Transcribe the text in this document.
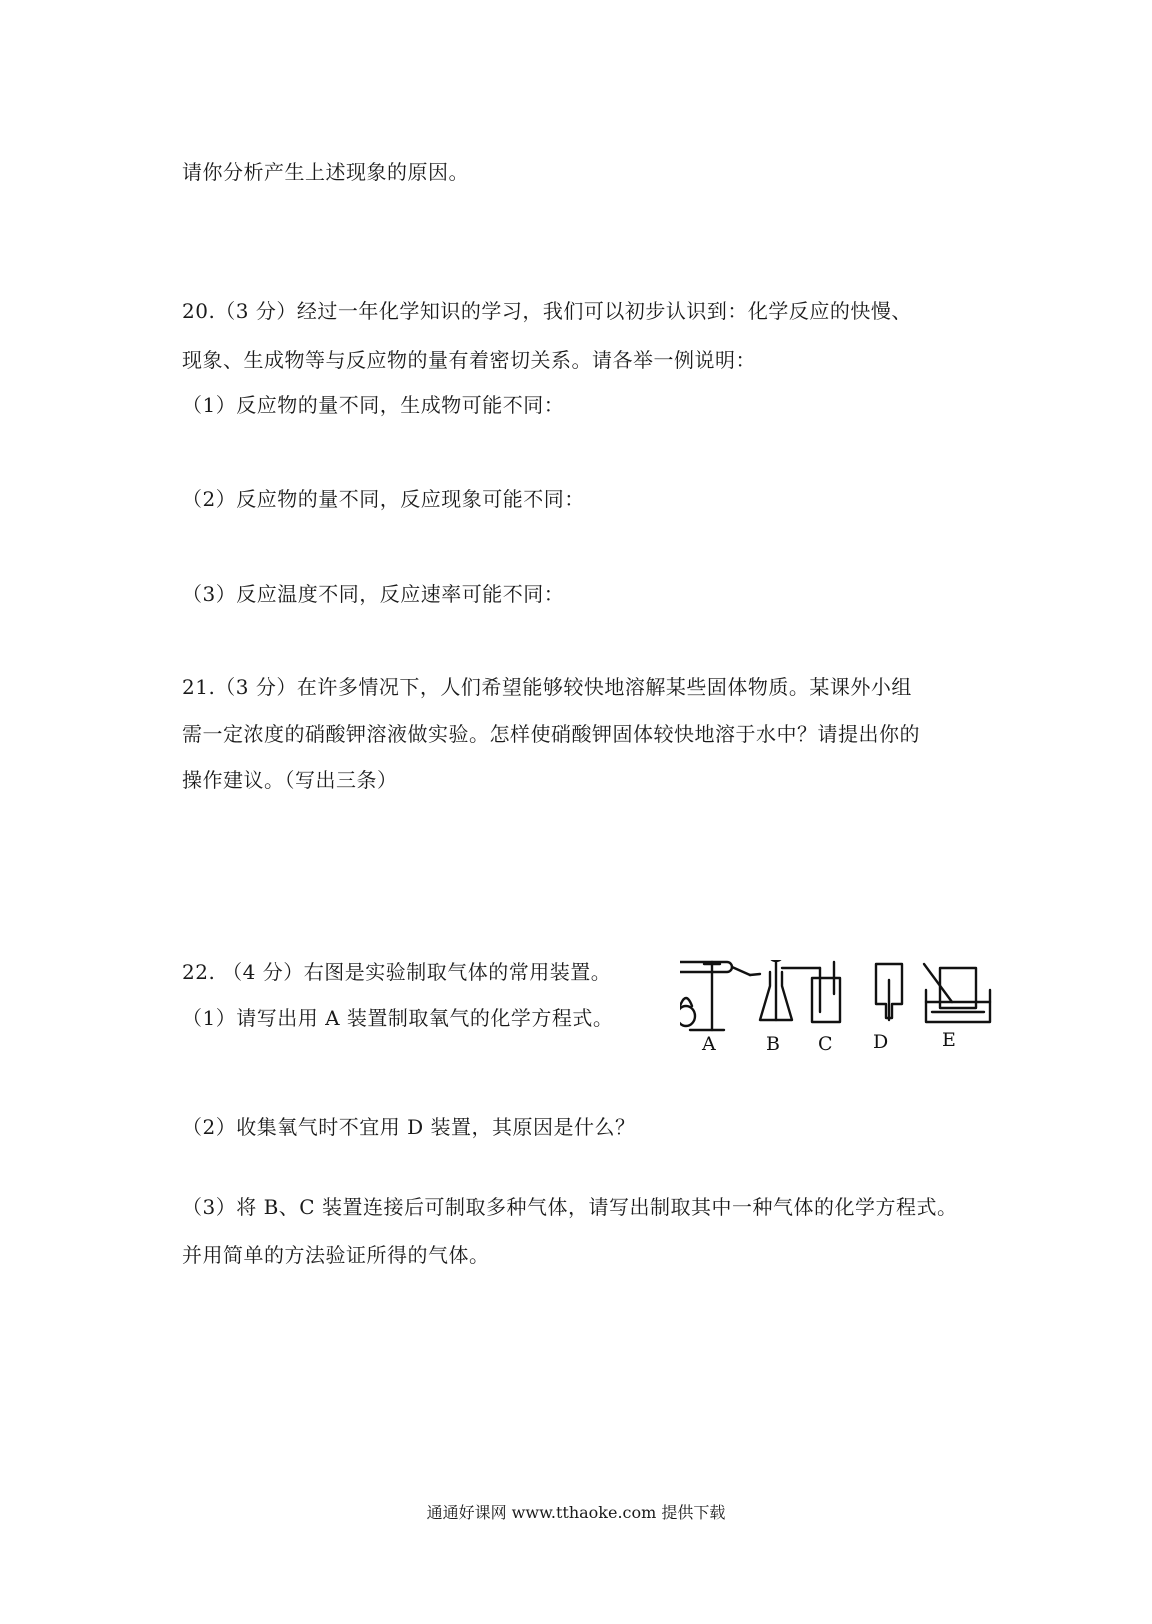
请你分析产生上述现象的原因。
20.（3 分）经过一年化学知识的学习，我们可以初步认识到：化学反应的快慢、
现象、生成物等与反应物的量有着密切关系。请各举一例说明：
（1）反应物的量不同，生成物可能不同：
（2）反应物的量不同，反应现象可能不同：
（3）反应温度不同，反应速率可能不同：
21.（3 分）在许多情况下，人们希望能够较快地溶解某些固体物质。某课外小组
需一定浓度的硝酸钾溶液做实验。怎样使硝酸钾固体较快地溶于水中？请提出你的
操作建议。（写出三条）
22. （4 分）右图是实验制取气体的常用装置。
（1）请写出用 A 装置制取氧气的化学方程式。
A	B C D	E
（2）收集氧气时不宜用 D 装置，其原因是什么？
（3）将 B、C 装置连接后可制取多种气体，请写出制取其中一种气体的化学方程式。
并用简单的方法验证所得的气体。
通通好课网 www.tthaoke.com 提供下载
